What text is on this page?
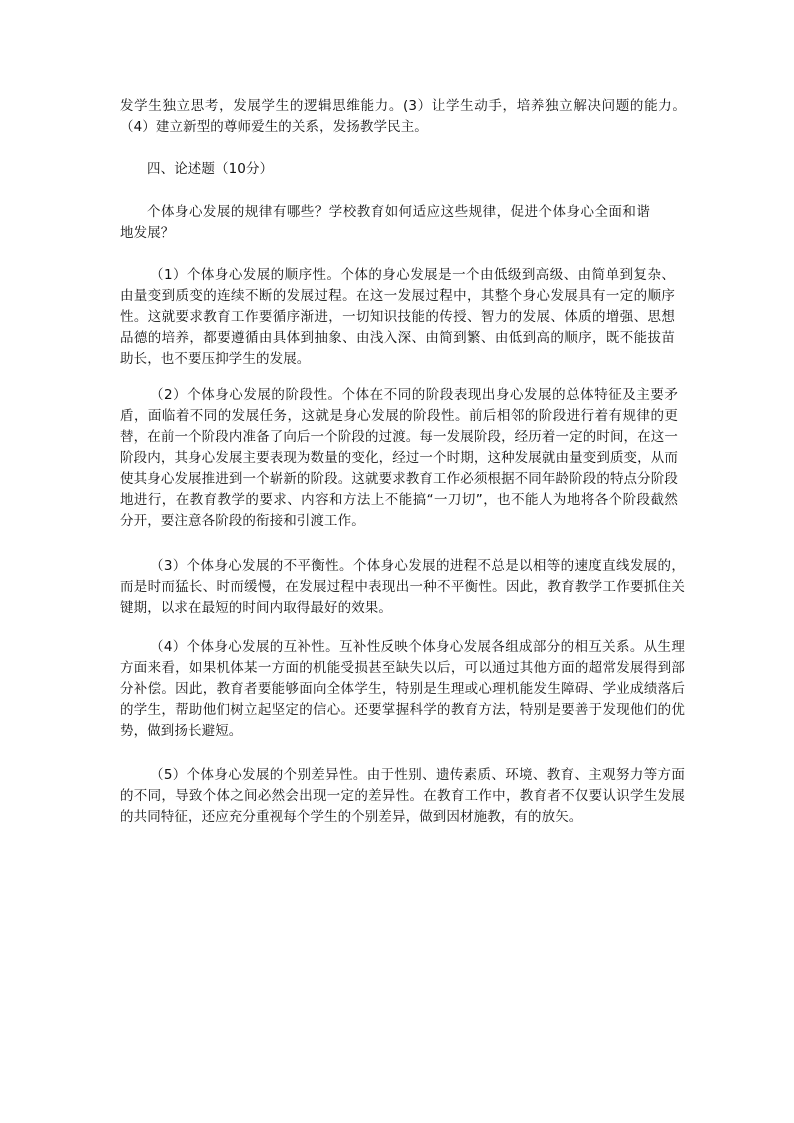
发学生独立思考，发展学生的逻辑思维能力。(3）让学生动手，培养独立解决问题的能力。（4）建立新型的尊师爱生的关系，发扬教学民主。

四、论述题（10分）

个体身心发展的规律有哪些？学校教育如何适应这些规律，促进个体身心全面和谐地发展？

（1）个体身心发展的顺序性。个体的身心发展是一个由低级到高级、由简单到复杂、由量变到质变的连续不断的发展过程。在这一发展过程中，其整个身心发展具有一定的顺序性。这就要求教育工作要循序渐进，一切知识技能的传授、智力的发展、体质的增强、思想品德的培养，都要遵循由具体到抽象、由浅入深、由简到繁、由低到高的顺序，既不能拔苗助长，也不要压抑学生的发展。

（2）个体身心发展的阶段性。个体在不同的阶段表现出身心发展的总体特征及主要矛盾，面临着不同的发展任务，这就是身心发展的阶段性。前后相邻的阶段进行着有规律的更替，在前一个阶段内准备了向后一个阶段的过渡。每一发展阶段，经历着一定的时间，在这一阶段内，其身心发展主要表现为数量的变化，经过一个时期，这种发展就由量变到质变，从而使其身心发展推进到一个崭新的阶段。这就要求教育工作必须根据不同年龄阶段的特点分阶段地进行，在教育教学的要求、内容和方法上不能搞“一刀切”，也不能人为地将各个阶段截然分开，要注意各阶段的衔接和引渡工作。

（3）个体身心发展的不平衡性。个体身心发展的进程不总是以相等的速度直线发展的，而是时而猛长、时而缓慢，在发展过程中表现出一种不平衡性。因此，教育教学工作要抓住关键期，以求在最短的时间内取得最好的效果。

（4）个体身心发展的互补性。互补性反映个体身心发展各组成部分的相互关系。从生理方面来看，如果机体某一方面的机能受损甚至缺失以后，可以通过其他方面的超常发展得到部分补偿。因此，教育者要能够面向全体学生，特别是生理或心理机能发生障碍、学业成绩落后的学生，帮助他们树立起坚定的信心。还要掌握科学的教育方法，特别是要善于发现他们的优势，做到扬长避短。

（5）个体身心发展的个别差异性。由于性别、遗传素质、环境、教育、主观努力等方面的不同，导致个体之间必然会出现一定的差异性。在教育工作中，教育者不仅要认识学生发展的共同特征，还应充分重视每个学生的个别差异，做到因材施教，有的放矢。
